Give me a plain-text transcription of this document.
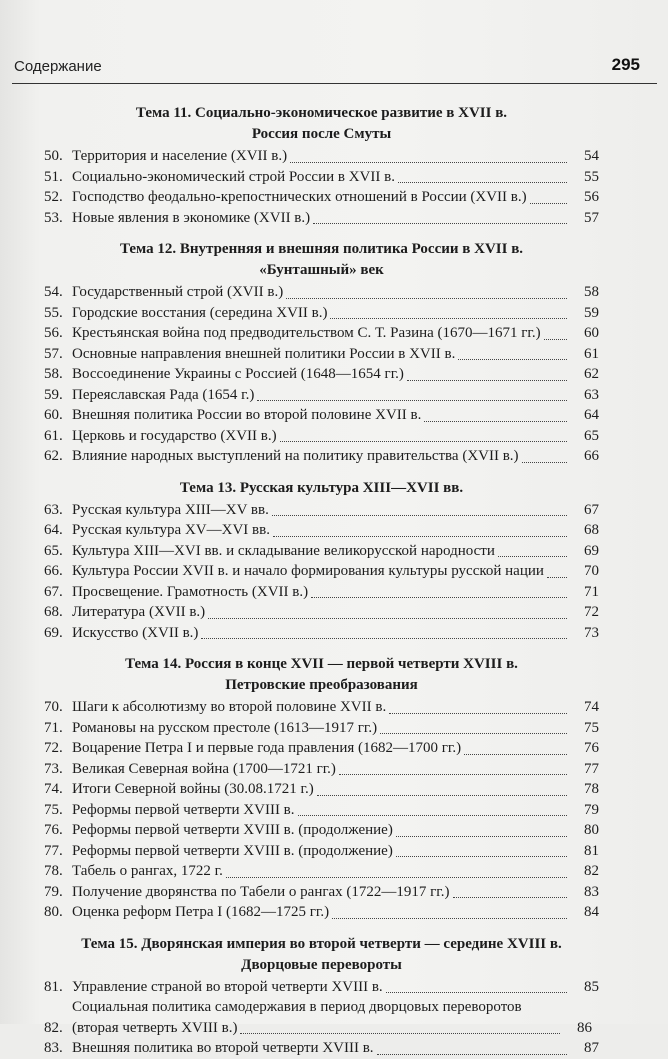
Содержание	295
Тема 11. Социально-экономическое развитие в XVII в.
Россия после Смуты
50. Территория и население (XVII в.)	54
51. Социально-экономический строй России в XVII в.	55
52. Господство феодально-крепостнических отношений в России (XVII в.)	56
53. Новые явления в экономике (XVII в.)	57
Тема 12. Внутренняя и внешняя политика России в XVII в.
«Бунташный» век
54. Государственный строй (XVII в.)	58
55. Городские восстания (середина XVII в.)	59
56. Крестьянская война под предводительством С. Т. Разина (1670—1671 гг.)	60
57. Основные направления внешней политики России в XVII в.	61
58. Воссоединение Украины с Россией (1648—1654 гг.)	62
59. Переяславская Рада (1654 г.)	63
60. Внешняя политика России во второй половине XVII в.	64
61. Церковь и государство (XVII в.)	65
62. Влияние народных выступлений на политику правительства (XVII в.)	66
Тема 13. Русская культура XIII—XVII вв.
63. Русская культура XIII—XV вв.	67
64. Русская культура XV—XVI вв.	68
65. Культура XIII—XVI вв. и складывание великорусской народности	69
66. Культура России XVII в. и начало формирования культуры русской нации	70
67. Просвещение. Грамотность (XVII в.)	71
68. Литература (XVII в.)	72
69. Искусство (XVII в.)	73
Тема 14. Россия в конце XVII — первой четверти XVIII в.
Петровские преобразования
70. Шаги к абсолютизму во второй половине XVII в.	74
71. Романовы на русском престоле (1613—1917 гг.)	75
72. Воцарение Петра I и первые года правления (1682—1700 гг.)	76
73. Великая Северная война (1700—1721 гг.)	77
74. Итоги Северной войны (30.08.1721 г.)	78
75. Реформы первой четверти XVIII в.	79
76. Реформы первой четверти XVIII в. (продолжение)	80
77. Реформы первой четверти XVIII в. (продолжение)	81
78. Табель о рангах, 1722 г.	82
79. Получение дворянства по Табели о рангах (1722—1917 гг.)	83
80. Оценка реформ Петра I (1682—1725 гг.)	84
Тема 15. Дворянская империя во второй четверти — середине XVIII в.
Дворцовые перевороты
81. Управление страной во второй четверти XVIII в.	85
82.
Социальная политика самодержавия в период дворцовых переворотов
(вторая четверть XVIII в.)	86
83. Внешняя политика во второй четверти XVIII в.	87
